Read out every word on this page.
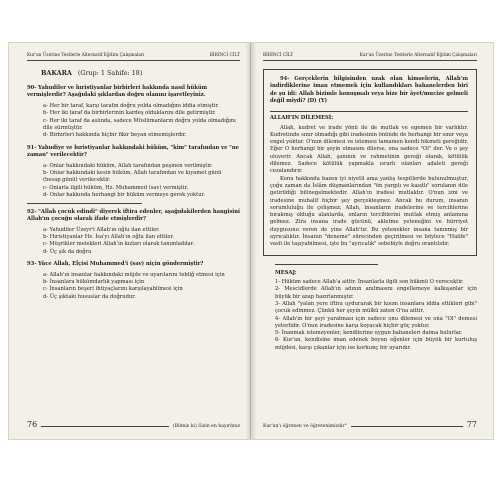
Kur'an Üzerine Testlerle Alternatif Eğitim Çalışmaları	BİRİNCİ CİLT
BAKARA (Grup: 1 Sahife: 18)

90- Yahudiler ve hıristiyanlar birbirleri hakkında nasıl hüküm vermişlerdir? Aşağıdaki şıklardan doğru olanını işaretleyiniz.

a- Her bir taraf, karşı tarafın doğru yolda olmadığını iddia etmiştir.

b- Her iki taraf da birbirlerinin kardeş olduklarını dile getirmiştir.

c- Her iki taraf da aslında, sadece Müslümanların doğru yolda olmadığını dile sürmüştür.

d- Birbirleri hakkında hiçbir fikir beyan etmemişlerdir.

91- Yahudiye ve hıristiyanlar hakkındaki hüküm, "kim" tarafından ve "ne zaman" verilecektir?

a- Onlar hakkındaki hüküm, Allah tarafından peşinen verilmiştir.

b- Onlar hakkındaki kesin hüküm, Allah tarafından ve kıyamet günü (hesap günü) verilecektir.

c- Onlarla ilgili hüküm, Hz. Muhammed (sav) vermiştir.

d- Onlar hakkında herhangi bir hüküm vermeye gerek yoktur.

92- "Allah çocuk edindi" diyerek iftira edenler, aşağıdakilerden hangisini Allah'ın çocuğu olarak ifade etmişlerdir?

a- Yahudiler Üzeyr'i Allah'ın oğlu ilan ettiler.

b- Hıristiyanlar Hz. İsa'yı Allah'ın oğlu ilan ettiler.

c- Müşrikler melekleri Allah'ın kızları olarak tanımladılar.

d- Üç şık da doğru

93- Yüce Allah, Elçisi Muhammed'i (sav) niçin göndermiştir?

a- Allah'ın insanlar hakkındaki müjde ve uyarılarını tebliğ etmesi için

b- İnsanlara hükümdarlık yapması için

c- İnsanların beşeri ihtiyaçlarını karşılayabilmesi için

d- Üç şıktaki hususlar da doğrudur.

76	(Bilmiz ki) Sizin en hayırlınız
BİRİNCİ CİLT	Kur'an Üzerine Testlerle Alternatif Eğitim Çalışmaları

94- Gerçeklerin bilgisinden uzak olan kimselerin, Allah'ın indirdiklerine iman etmemek için kullandıkları bahanelerden biri de şu idi: Allah bizimle konuşmalı veya bize bir âyet/mucize gelmeli değil miydi? (D) (Y)

ALLAH'IN DİLEMESİ:

Allah, kudret ve irade yönü ile de mutlak ve egemen bir varlıktır. Kudretinde sınır olmadığı gibi iradesinin önünde de herhangi bir sınır veya engel yoktur. O'nun dilemesi ve istemesi tamamen kendi hikmeti gereğidir. Eğer O herhangi bir şeyin olmasını dilerse, ona sadece "Ol" der. Ve o şey oluverir. Ancak Allah, şanının ve rahmetinin gereği olarak, kötülük dilemez. Sadece kötülük yapmakla ısrarlı olanları adaleti gereği cezalandırır.

Konu hakkında bazen iyi niyetli ama yanlış tespitlerde bulunulmuştur, çoğu zaman da İslâm düşmanlarından "ön yargılı ve kasıtlı" sorulanın dile getirildiği bilinegelmektedir. Allah'ın iradesi mutlaktır. O'nun izni ve iradesine muhalif hiçbir şey gerçekleşmez. Ancak bu durum, insanın sorumluluğu ile çelişmez; Allah, insanların iradelerine ve tercihlerine bırakmış olduğu alanlarda, onların tercihlerini mutlak etmiş anlamına gelmez. Zira insana irade gücünü, akletme yeteneğini ve hürriyet duygusunu veren de yine Allah'tır. Bu yetenekler insana tanınmış bir ayrıcalıktır. İnsanın "deneme" sürecinden geçirilmesi ve böylece "Halife" vasfı ile taşıyabilmesi, işte bu "ayrıcalık" sebebiyle doğru orantılıdır.

MESAJ:

1- Hüküm sadece Allah'a aittir. İnsanlarla ilgili son hükmü O verecektir.

2- Mescidlerde Allah'ın adının anılmasını engellemeye kalkışanlar için büyük bir azap hazırlanmıştır.

3- Allah "yalan yere iftira uydurarak bir kısım insanlara iddia ettikleri gibi" çocuk edinmez. Çünkü her şeyin mülkü zaten O'na aittir.

4- Allah'ın bir şeyi yaratması için sadece onu dilemesi ve ona "Ol" demesi yeterlidir. O'nun iradesine karşı koyacak hiçbir güç yoktur.

5- İnanmak istemeyenler, kendilerine uygun bahaneleri daima bulurlar.

6- Kur'an, kendisine iman edenek boyun eğenler için büyük bir kurtuluş müjdesi, karşı çıkanlar için ise korkunç bir uyarıdır.

Kur'an'ı öğrenen ve öğretenimizdir"	77
